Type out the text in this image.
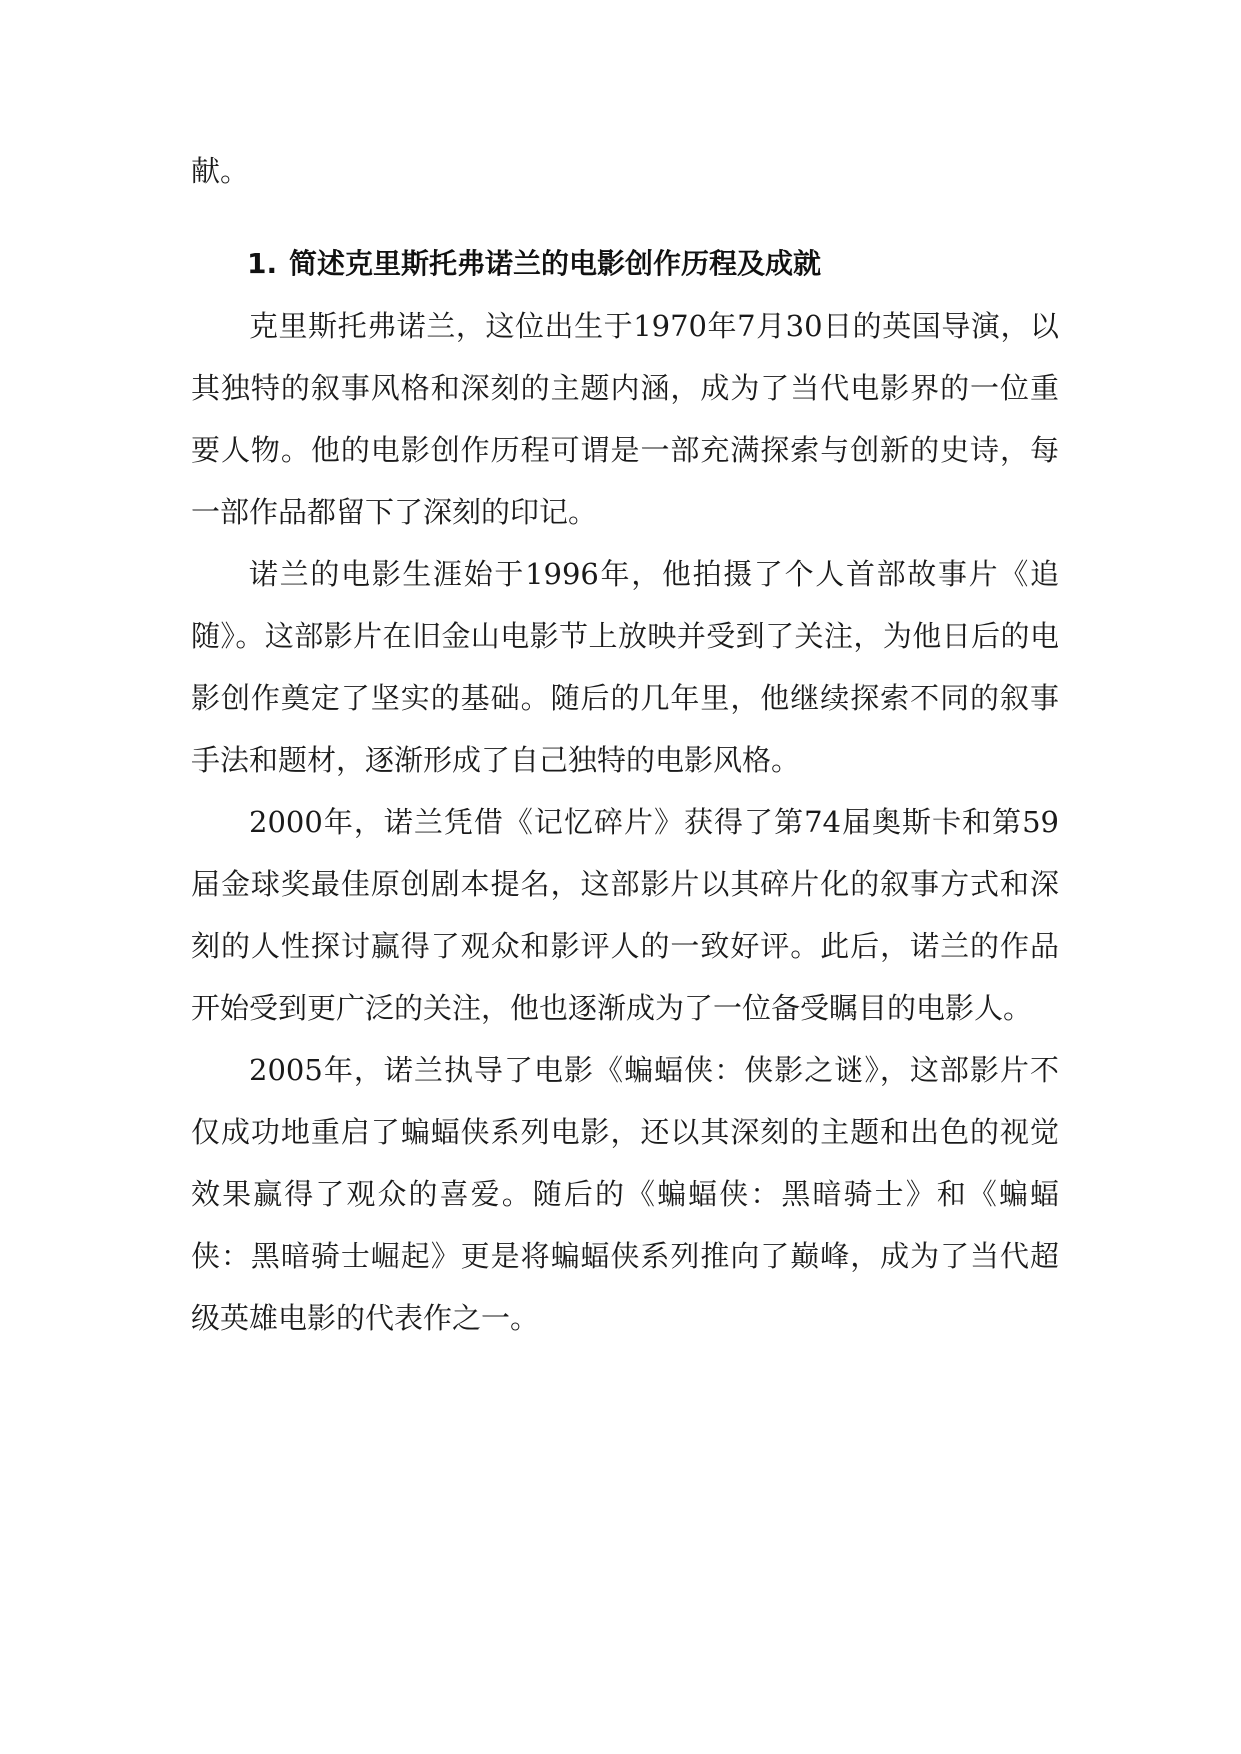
献。

1. 简述克里斯托弗诺兰的电影创作历程及成就

克里斯托弗诺兰，这位出生于1970年7月30日的英国导演，以其独特的叙事风格和深刻的主题内涵，成为了当代电影界的一位重要人物。他的电影创作历程可谓是一部充满探索与创新的史诗，每一部作品都留下了深刻的印记。

诺兰的电影生涯始于1996年，他拍摄了个人首部故事片《追随》。这部影片在旧金山电影节上放映并受到了关注，为他日后的电影创作奠定了坚实的基础。随后的几年里，他继续探索不同的叙事手法和题材，逐渐形成了自己独特的电影风格。

2000年，诺兰凭借《记忆碎片》获得了第74届奥斯卡和第59届金球奖最佳原创剧本提名，这部影片以其碎片化的叙事方式和深刻的人性探讨赢得了观众和影评人的一致好评。此后，诺兰的作品开始受到更广泛的关注，他也逐渐成为了一位备受瞩目的电影人。

2005年，诺兰执导了电影《蝙蝠侠：侠影之谜》，这部影片不仅成功地重启了蝙蝠侠系列电影，还以其深刻的主题和出色的视觉效果赢得了观众的喜爱。随后的《蝙蝠侠：黑暗骑士》和《蝙蝠侠：黑暗骑士崛起》更是将蝙蝠侠系列推向了巅峰，成为了当代超级英雄电影的代表作之一。
